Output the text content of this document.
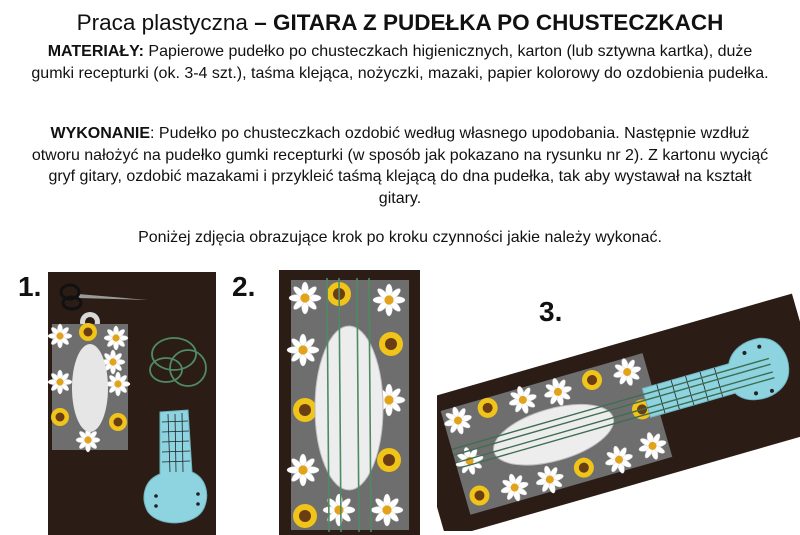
Praca plastyczna – GITARA Z PUDEŁKA PO CHUSTECZKACH
MATERIAŁY: Papierowe pudełko po chusteczkach higienicznych, karton (lub sztywna kartka), duże gumki recepturki (ok. 3-4 szt.), taśma klejąca, nożyczki, mazaki, papier kolorowy do ozdobienia pudełka.
WYKONANIE: Pudełko po chusteczkach ozdobić według własnego upodobania. Następnie wzdłuż otworu nałożyć na pudełko gumki recepturki (w sposób jak pokazano na rysunku nr 2). Z kartonu wyciąć gryf gitary, ozdobić mazakami i przykleić taśmą klejącą do dna pudełka, tak aby wystawał na kształt gitary.
Poniżej zdjęcia obrazujące krok po kroku czynności jakie należy wykonać.
1.	2.
3.
